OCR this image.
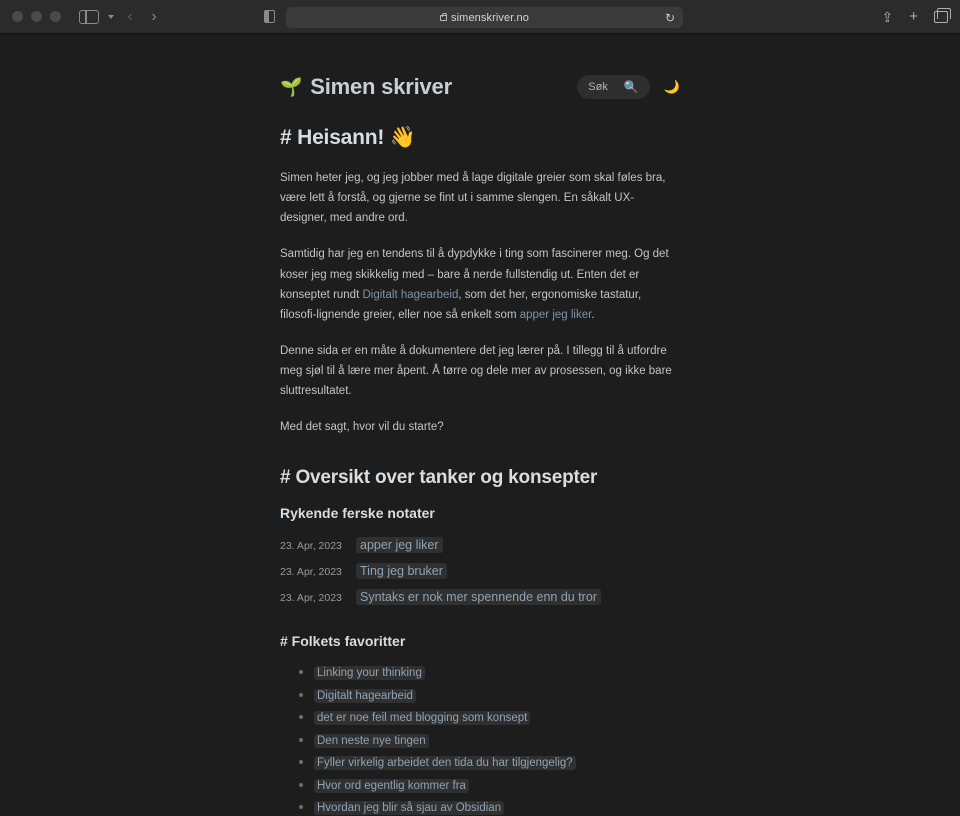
‹ ›	simenskriver.no	↻	⇪ +
🌱 Simen skriver	Søk 🔍 🌙
# Heisann! 👋

Simen heter jeg, og jeg jobber med å lage digitale greier som skal føles bra, være lett å forstå, og gjerne se fint ut i samme slengen. En såkalt UX-designer, med andre ord.

Samtidig har jeg en tendens til å dypdykke i ting som fascinerer meg. Og det koser jeg meg skikkelig med – bare å nerde fullstendig ut. Enten det er konseptet rundt Digitalt hagearbeid, som det her, ergonomiske tastatur, filosofi-lignende greier, eller noe så enkelt som apper jeg liker.

Denne sida er en måte å dokumentere det jeg lærer på. I tillegg til å utfordre meg sjøl til å lære mer åpent. Å tørre og dele mer av prosessen, og ikke bare sluttresultatet.

Med det sagt, hvor vil du starte?

# Oversikt over tanker og konsepter
Rykende ferske notater
23. Apr, 2023	apper jeg liker
23. Apr, 2023	Ting jeg bruker
23. Apr, 2023	Syntaks er nok mer spennende enn du tror
# Folkets favoritter
• Linking your thinking
• Digitalt hagearbeid
• det er noe feil med blogging som konsept
• Den neste nye tingen
• Fyller virkelig arbeidet den tida du har tilgjengelig?
• Hvor ord egentlig kommer fra
• Hvordan jeg blir så sjau av Obsidian
